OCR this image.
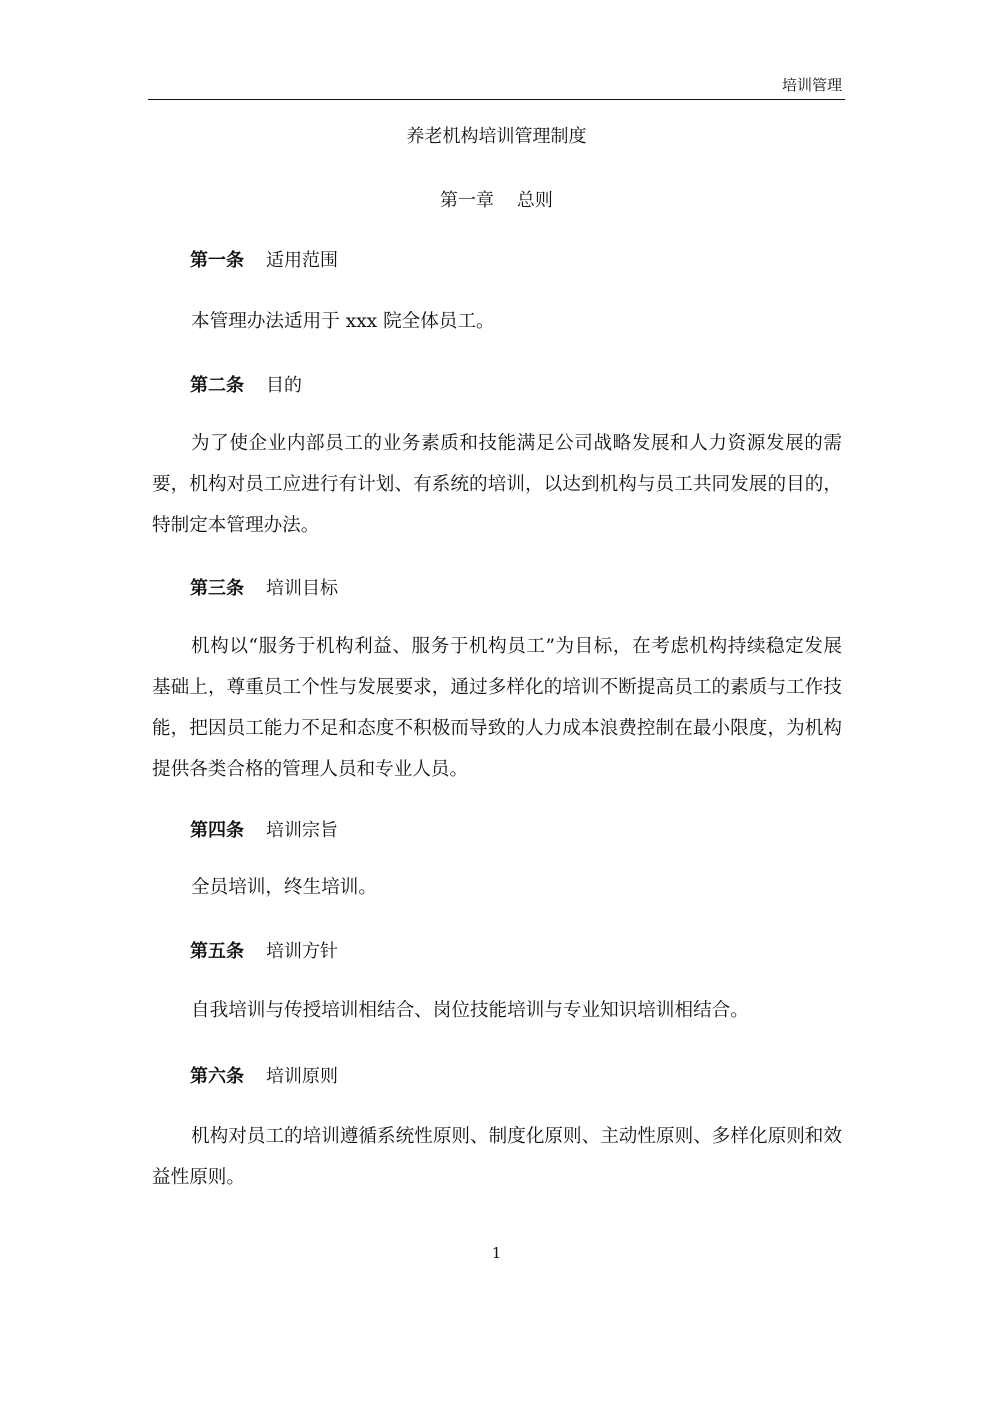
培训管理
养老机构培训管理制度
第一章    总则
第一条 适用范围

本管理办法适用于 xxx 院全体员工。

第二条 目的

为了使企业内部员工的业务素质和技能满足公司战略发展和人力资源发展的需要，机构对员工应进行有计划、有系统的培训，以达到机构与员工共同发展的目的，特制定本管理办法。

第三条 培训目标

机构以“服务于机构利益、服务于机构员工”为目标，在考虑机构持续稳定发展基础上，尊重员工个性与发展要求，通过多样化的培训不断提高员工的素质与工作技能，把因员工能力不足和态度不积极而导致的人力成本浪费控制在最小限度，为机构提供各类合格的管理人员和专业人员。

第四条 培训宗旨

全员培训，终生培训。

第五条 培训方针

自我培训与传授培训相结合、岗位技能培训与专业知识培训相结合。

第六条 培训原则

机构对员工的培训遵循系统性原则、制度化原则、主动性原则、多样化原则和效益性原则。

1
